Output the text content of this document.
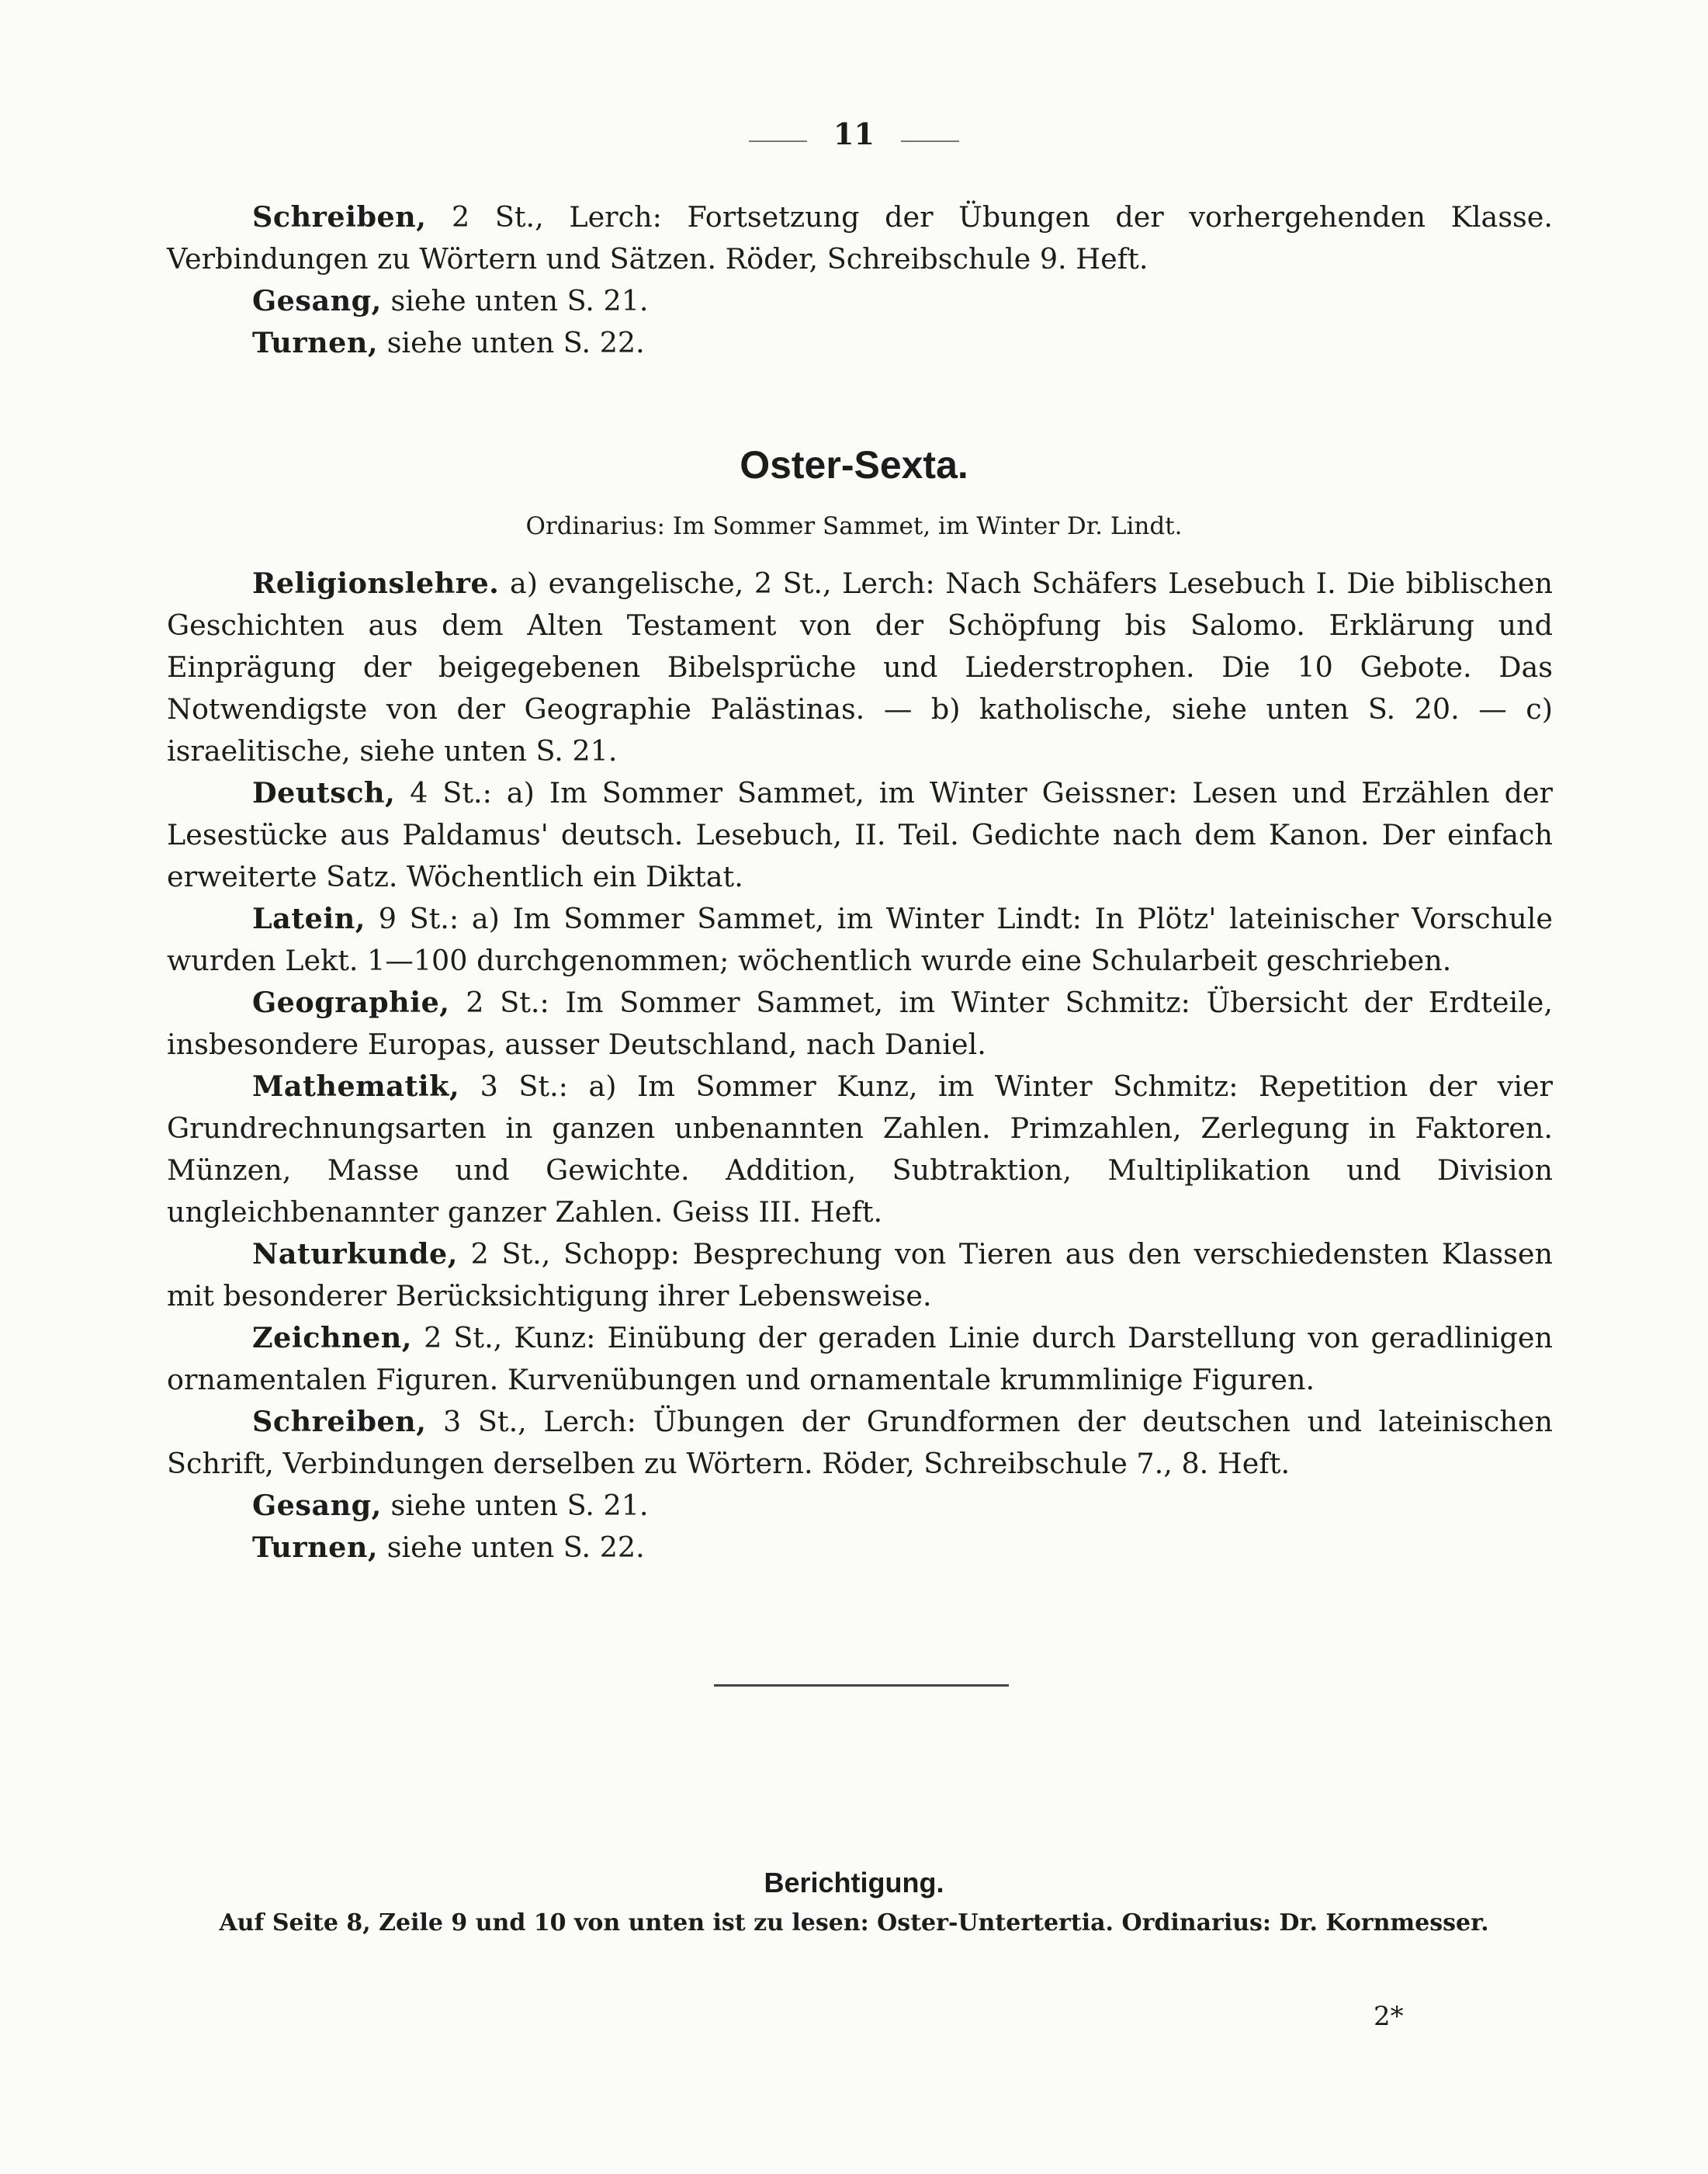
11

Schreiben, 2 St., Lerch: Fortsetzung der Übungen der vorhergehenden Klasse. Verbindungen zu Wörtern und Sätzen. Röder, Schreibschule 9. Heft.

Gesang, siehe unten S. 21.

Turnen, siehe unten S. 22.

Oster-Sexta.
Ordinarius: Im Sommer Sammet, im Winter Dr. Lindt.

Religionslehre. a) evangelische, 2 St., Lerch: Nach Schäfers Lesebuch I. Die biblischen Geschichten aus dem Alten Testament von der Schöpfung bis Salomo. Erklärung und Einprägung der beigegebenen Bibelsprüche und Liederstrophen. Die 10 Gebote. Das Notwendigste von der Geographie Palästinas. — b) katholische, siehe unten S. 20. — c) israelitische, siehe unten S. 21.

Deutsch, 4 St.: a) Im Sommer Sammet, im Winter Geissner: Lesen und Erzählen der Lesestücke aus Paldamus' deutsch. Lesebuch, II. Teil. Gedichte nach dem Kanon. Der einfach erweiterte Satz. Wöchentlich ein Diktat.

Latein, 9 St.: a) Im Sommer Sammet, im Winter Lindt: In Plötz' lateinischer Vorschule wurden Lekt. 1—100 durchgenommen; wöchentlich wurde eine Schularbeit geschrieben.

Geographie, 2 St.: Im Sommer Sammet, im Winter Schmitz: Übersicht der Erdteile, insbesondere Europas, ausser Deutschland, nach Daniel.

Mathematik, 3 St.: a) Im Sommer Kunz, im Winter Schmitz: Repetition der vier Grundrechnungsarten in ganzen unbenannten Zahlen. Primzahlen, Zerlegung in Faktoren. Münzen, Masse und Gewichte. Addition, Subtraktion, Multiplikation und Division ungleichbenannter ganzer Zahlen. Geiss III. Heft.

Naturkunde, 2 St., Schopp: Besprechung von Tieren aus den verschiedensten Klassen mit besonderer Berücksichtigung ihrer Lebensweise.

Zeichnen, 2 St., Kunz: Einübung der geraden Linie durch Darstellung von geradlinigen ornamentalen Figuren. Kurvenübungen und ornamentale krummlinige Figuren.

Schreiben, 3 St., Lerch: Übungen der Grundformen der deutschen und lateinischen Schrift, Verbindungen derselben zu Wörtern. Röder, Schreibschule 7., 8. Heft.

Gesang, siehe unten S. 21.

Turnen, siehe unten S. 22.

Berichtigung.
Auf Seite 8, Zeile 9 und 10 von unten ist zu lesen: Oster-Untertertia. Ordinarius: Dr. Kornmesser.
2*
